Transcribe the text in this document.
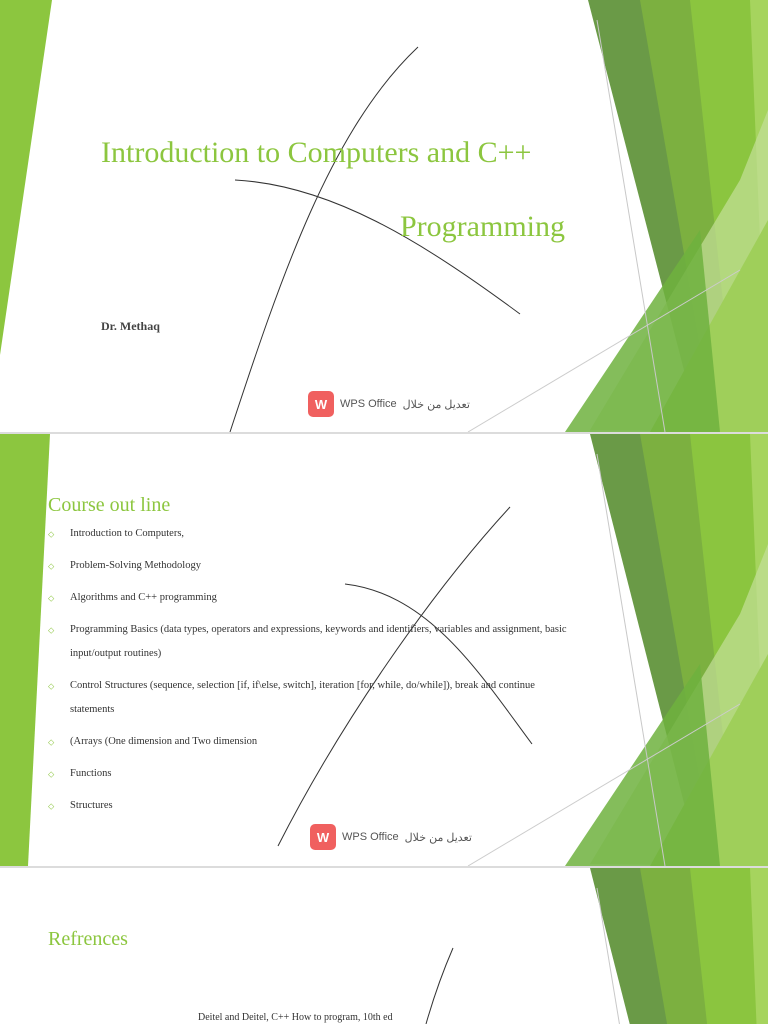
Introduction to Computers and C++
Programming
Dr. Methaq
W	WPS Office تعديل من خلال
Course out line
⬦ Introduction to Computers,
⬦ Problem-Solving Methodology
⬦ Algorithms and C++ programming
⬦ Programming Basics (data types, operators and expressions, keywords and identifiers, variables and assignment, basic input/output routines)
⬦ Control Structures (sequence, selection [if, if\else, switch], iteration [for, while, do/while]), break and continue statements
⬦ (Arrays (One dimension and Two dimension
⬦ Functions
⬦ Structures
W	WPS Office تعديل من خلال
Refrences
Deitel and Deitel, C++ How to program, 10th ed
